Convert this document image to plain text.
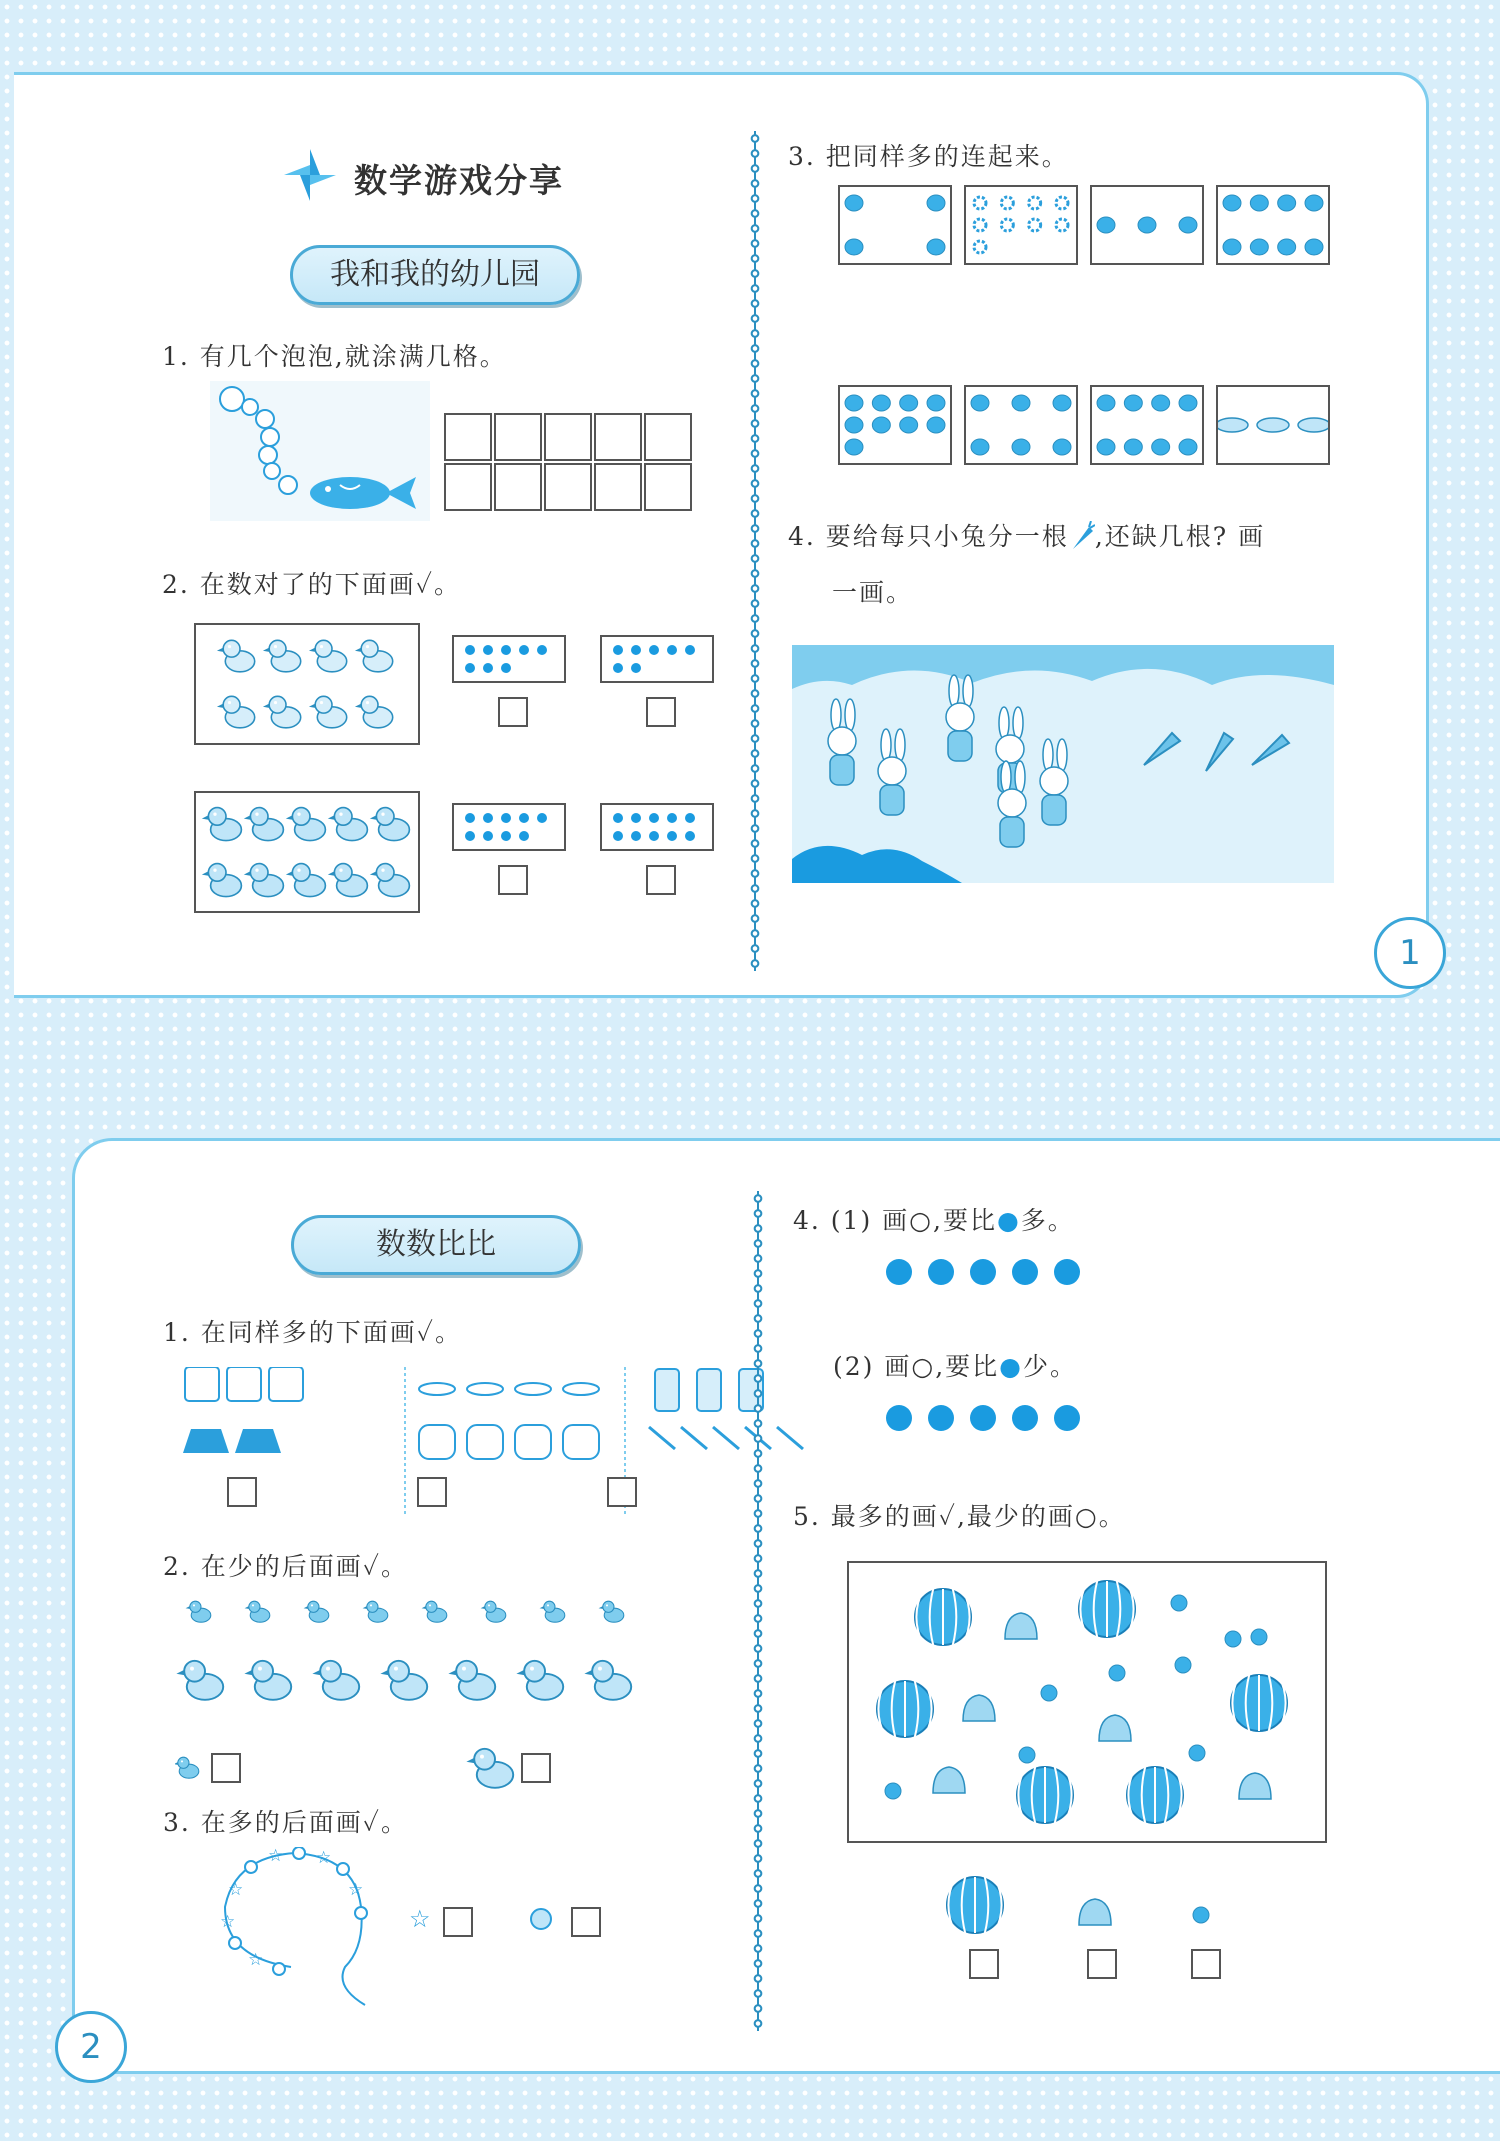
数学游戏分享
我和我的幼儿园
1. 有几个泡泡,就涂满几格。
2. 在数对了的下面画✓。
3. 把同样多的连起来。
4. 要给每只小兔分一根 ,还缺几根? 画
一画。
1
数数比比
1. 在同样多的下面画✓。
2. 在少的后面画✓。
3. 在多的后面画✓。
☆
☆ ☆
☆
☆
☆
☆
4. (1) 画○,要比●多。
(2) 画○,要比●少。
5. 最多的画✓,最少的画○。
2
